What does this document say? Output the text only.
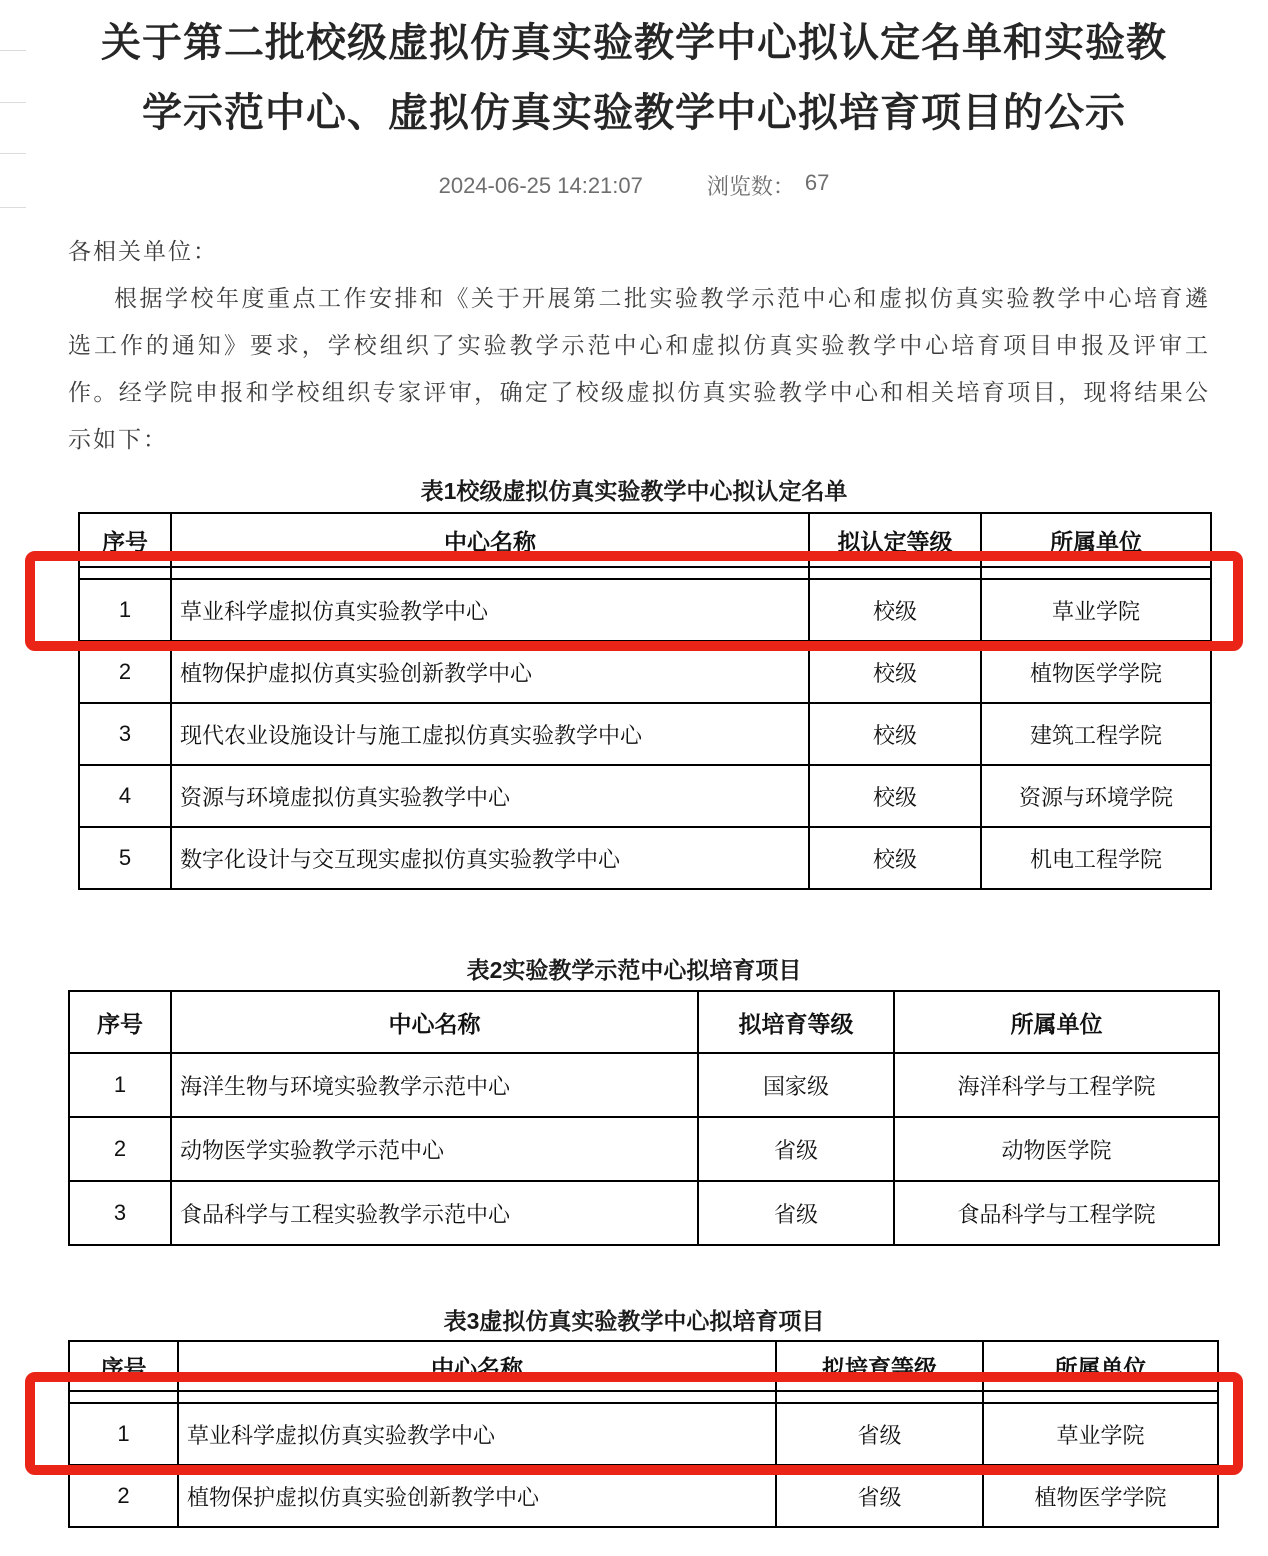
关于第二批校级虚拟仿真实验教学中心拟认定名单和实验教
学示范中心、虚拟仿真实验教学中心拟培育项目的公示
2024-06-25 14:21:07	浏览数： 67
各相关单位：

根据学校年度重点工作安排和《关于开展第二批实验教学示范中心和虚拟仿真实验教学中心培育遴选工作的通知》要求，学校组织了实验教学示范中心和虚拟仿真实验教学中心培育项目申报及评审工作。经学院申报和学校组织专家评审，确定了校级虚拟仿真实验教学中心和相关培育项目，现将结果公示如下：

表1校级虚拟仿真实验教学中心拟认定名单
表2实验教学示范中心拟培育项目
表3虚拟仿真实验教学中心拟培育项目
序号	中心名称	拟认定等级	所属单位

1	草业科学虚拟仿真实验教学中心	校级	草业学院
2	植物保护虚拟仿真实验创新教学中心	校级	植物医学学院
3	现代农业设施设计与施工虚拟仿真实验教学中心	校级	建筑工程学院
4	资源与环境虚拟仿真实验教学中心	校级	资源与环境学院
5	数字化设计与交互现实虚拟仿真实验教学中心	校级	机电工程学院
序号	中心名称	拟培育等级	所属单位
1	海洋生物与环境实验教学示范中心	国家级	海洋科学与工程学院
2	动物医学实验教学示范中心	省级	动物医学院
3	食品科学与工程实验教学示范中心	省级	食品科学与工程学院
序号	中心名称	拟培育等级	所属单位

1	草业科学虚拟仿真实验教学中心	省级	草业学院
2	植物保护虚拟仿真实验创新教学中心	省级	植物医学学院
